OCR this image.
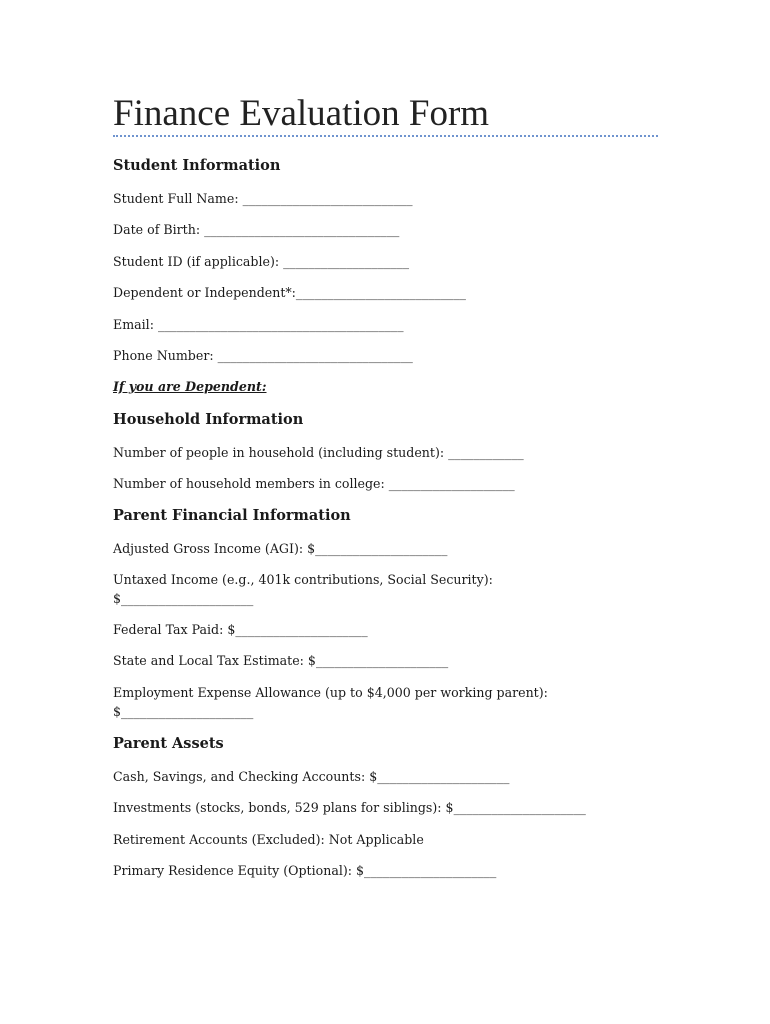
Finance Evaluation Form
Student Information
Student Full Name: ___________________________
Date of Birth: _______________________________
Student ID (if applicable): ____________________
Dependent or Independent*:___________________________
Email: _______________________________________
Phone Number: _______________________________
If you are Dependent:
Household Information
Number of people in household (including student): ____________
Number of household members in college: ____________________
Parent Financial Information
Adjusted Gross Income (AGI): $_____________________
Untaxed Income (e.g., 401k contributions, Social Security):
$_____________________
Federal Tax Paid: $_____________________
State and Local Tax Estimate: $_____________________
Employment Expense Allowance (up to $4,000 per working parent):
$_____________________
Parent Assets
Cash, Savings, and Checking Accounts: $_____________________
Investments (stocks, bonds, 529 plans for siblings): $_____________________
Retirement Accounts (Excluded): Not Applicable
Primary Residence Equity (Optional): $_____________________
